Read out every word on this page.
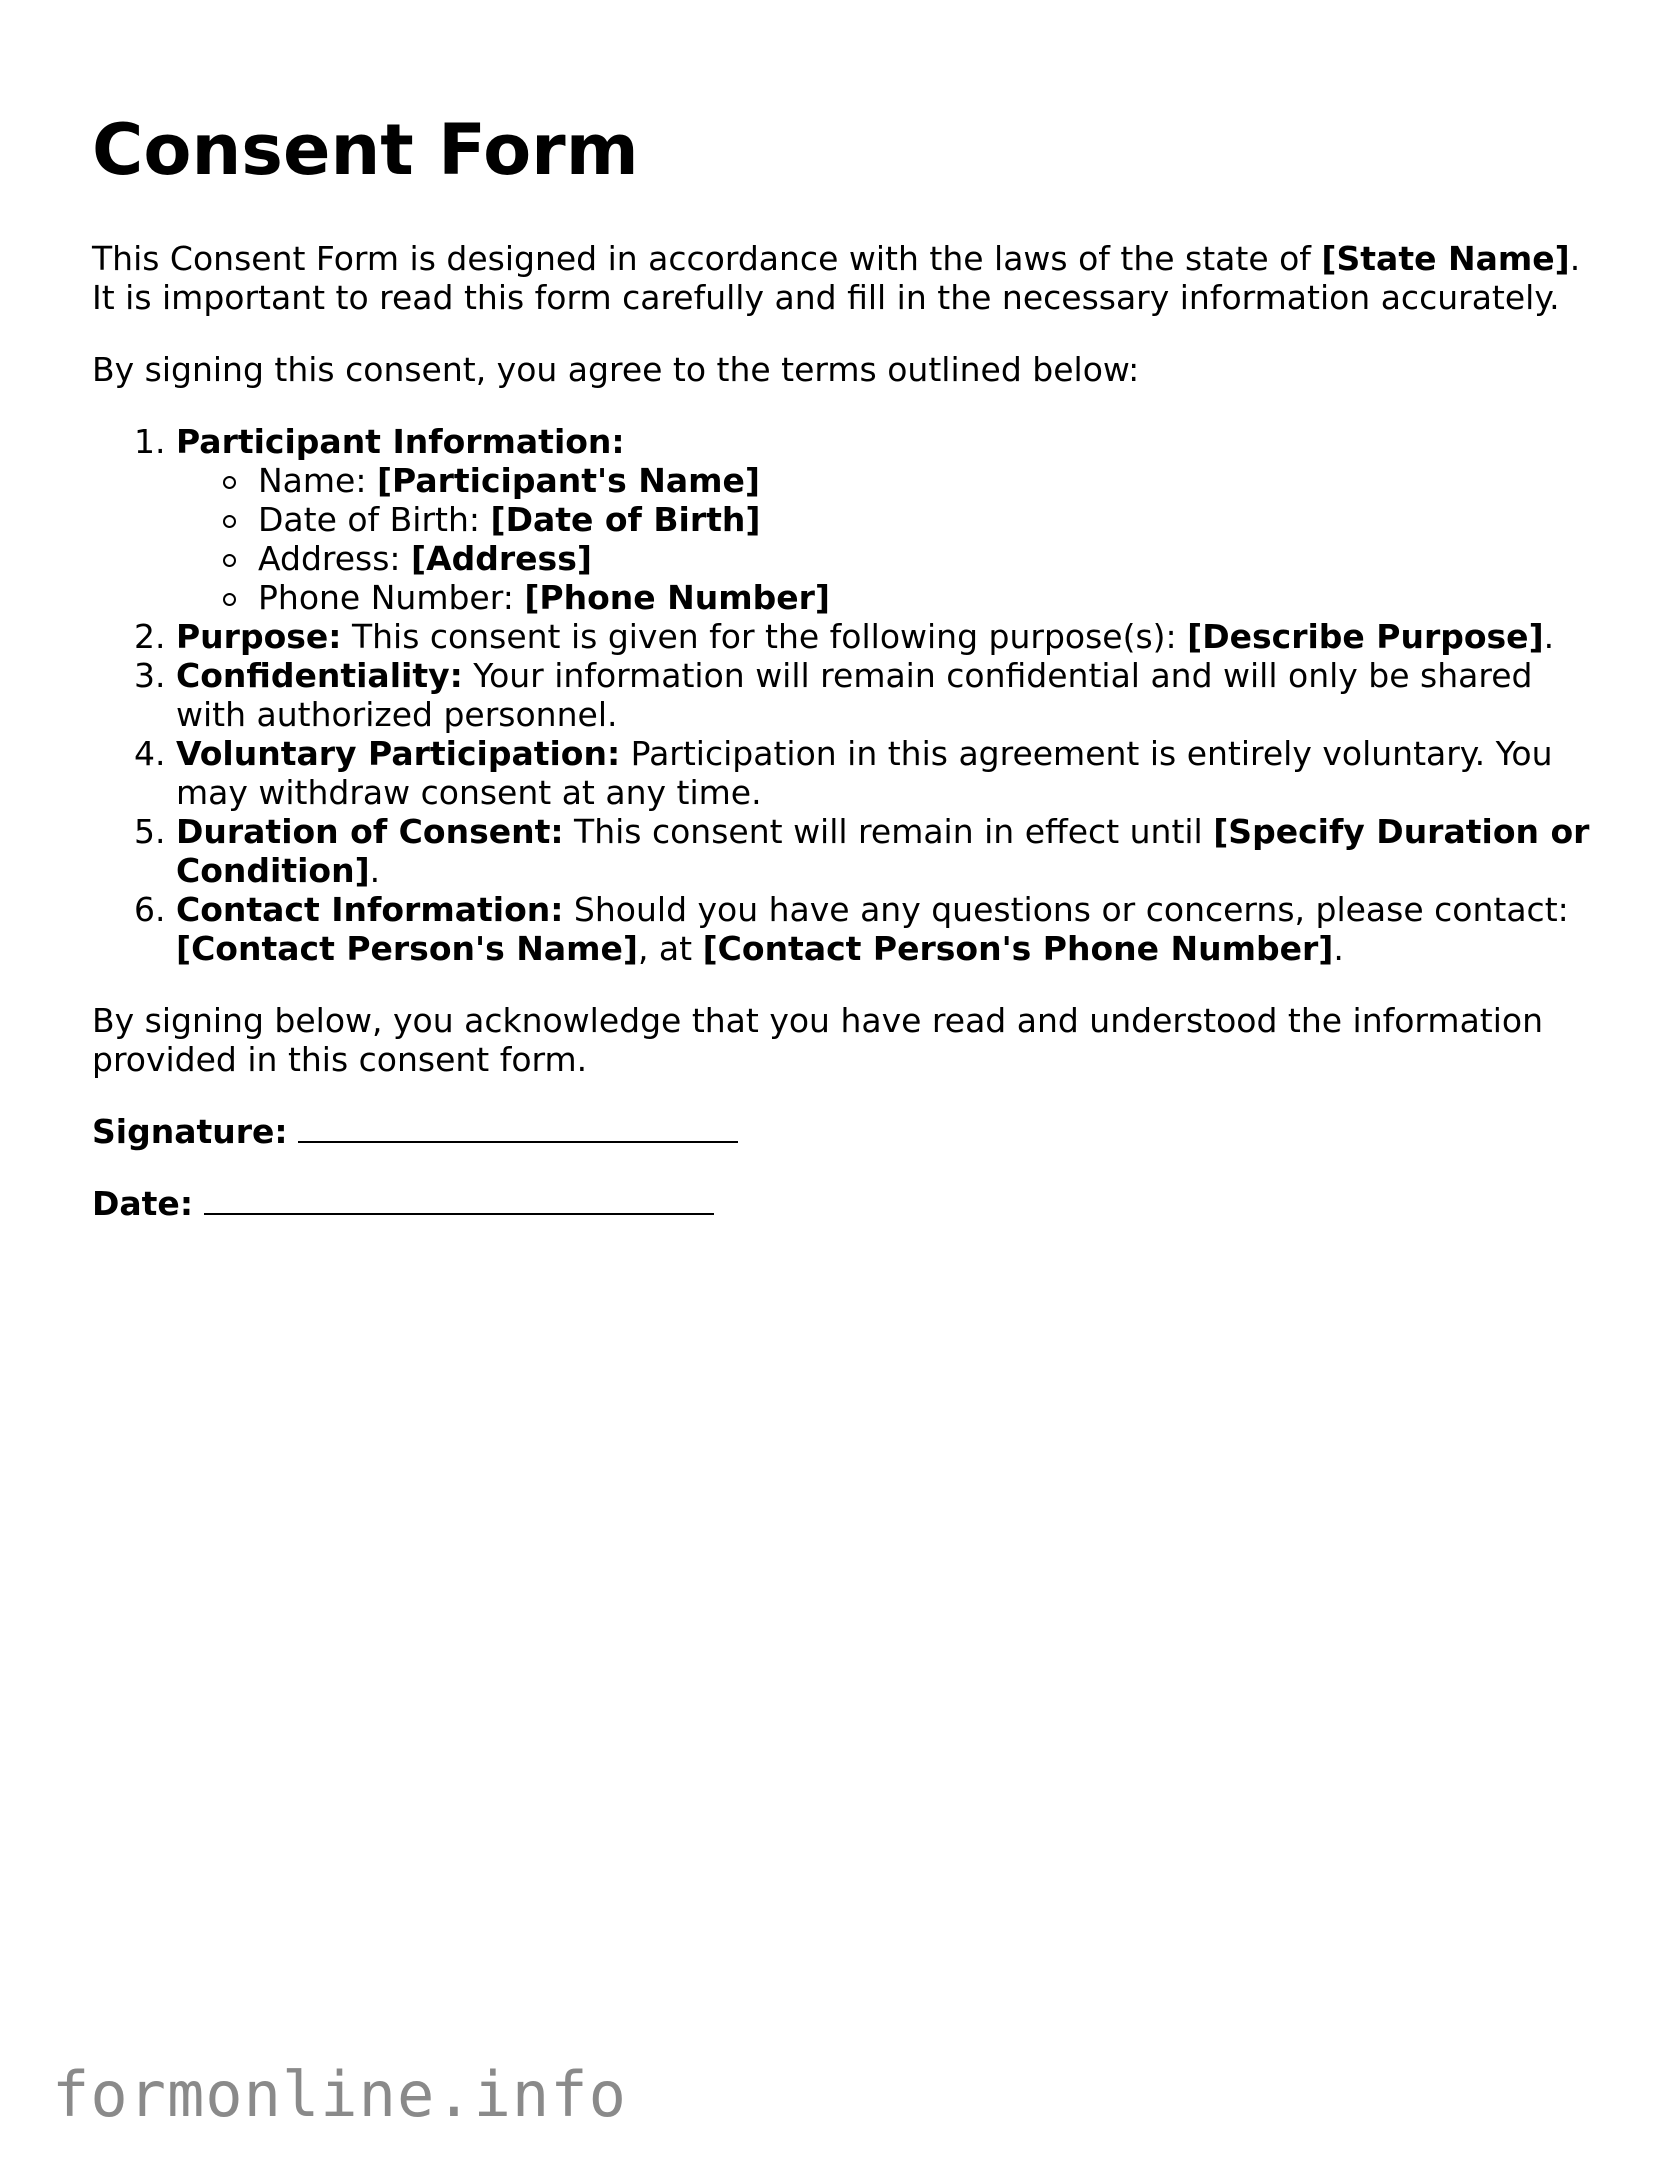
Consent Form

This Consent Form is designed in accordance with the laws of the state of [State Name]. It is important to read this form carefully and fill in the necessary information accurately.

By signing this consent, you agree to the terms outlined below:

1. Participant Information:
Name: [Participant's Name]
Date of Birth: [Date of Birth]
Address: [Address]
Phone Number: [Phone Number]
2. Purpose: This consent is given for the following purpose(s): [Describe Purpose].
3. Confidentiality: Your information will remain confidential and will only be shared with authorized personnel.
4. Voluntary Participation: Participation in this agreement is entirely voluntary. You may withdraw consent at any time.
5. Duration of Consent: This consent will remain in effect until [Specify Duration or Condition].
6. Contact Information: Should you have any questions or concerns, please contact: [Contact Person's Name], at [Contact Person's Phone Number].

By signing below, you acknowledge that you have read and understood the information provided in this consent form.

Signature:

Date:

formonline.info
